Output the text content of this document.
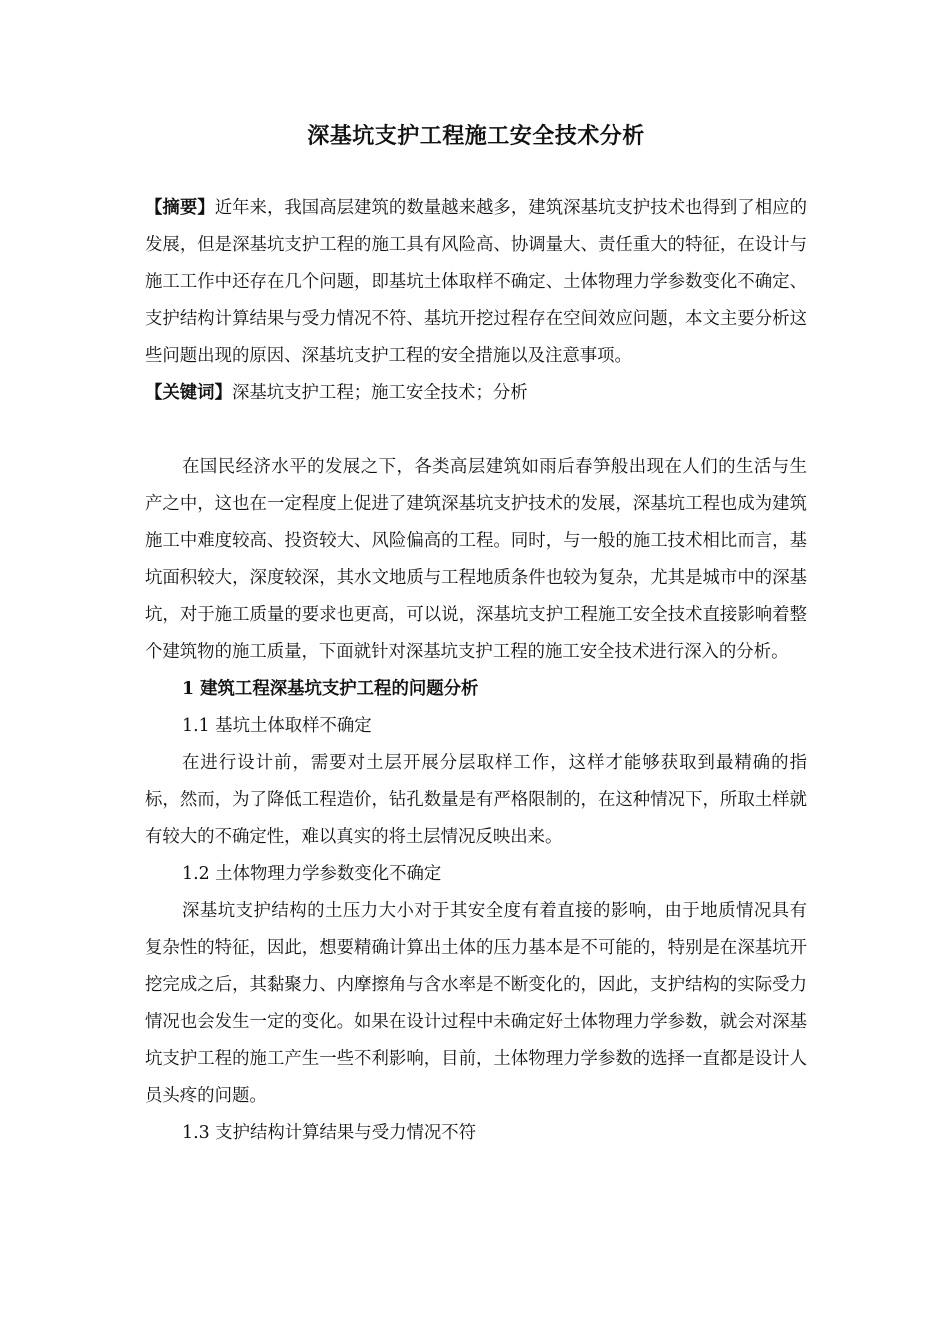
深基坑支护工程施工安全技术分析

【摘要】近年来，我国高层建筑的数量越来越多，建筑深基坑支护技术也得到了相应的发展，但是深基坑支护工程的施工具有风险高、协调量大、责任重大的特征，在设计与施工工作中还存在几个问题，即基坑土体取样不确定、土体物理力学参数变化不确定、支护结构计算结果与受力情况不符、基坑开挖过程存在空间效应问题，本文主要分析这些问题出现的原因、深基坑支护工程的安全措施以及注意事项。

【关键词】深基坑支护工程；施工安全技术；分析

在国民经济水平的发展之下，各类高层建筑如雨后春笋般出现在人们的生活与生产之中，这也在一定程度上促进了建筑深基坑支护技术的发展，深基坑工程也成为建筑施工中难度较高、投资较大、风险偏高的工程。同时，与一般的施工技术相比而言，基坑面积较大，深度较深，其水文地质与工程地质条件也较为复杂，尤其是城市中的深基坑，对于施工质量的要求也更高，可以说，深基坑支护工程施工安全技术直接影响着整个建筑物的施工质量，下面就针对深基坑支护工程的施工安全技术进行深入的分析。

1 建筑工程深基坑支护工程的问题分析

1.1 基坑土体取样不确定

在进行设计前，需要对土层开展分层取样工作，这样才能够获取到最精确的指标，然而，为了降低工程造价，钻孔数量是有严格限制的，在这种情况下，所取土样就有较大的不确定性，难以真实的将土层情况反映出来。

1.2 土体物理力学参数变化不确定

深基坑支护结构的土压力大小对于其安全度有着直接的影响，由于地质情况具有复杂性的特征，因此，想要精确计算出土体的压力基本是不可能的，特别是在深基坑开挖完成之后，其黏聚力、内摩擦角与含水率是不断变化的，因此，支护结构的实际受力情况也会发生一定的变化。如果在设计过程中未确定好土体物理力学参数，就会对深基坑支护工程的施工产生一些不利影响，目前，土体物理力学参数的选择一直都是设计人员头疼的问题。

1.3 支护结构计算结果与受力情况不符
